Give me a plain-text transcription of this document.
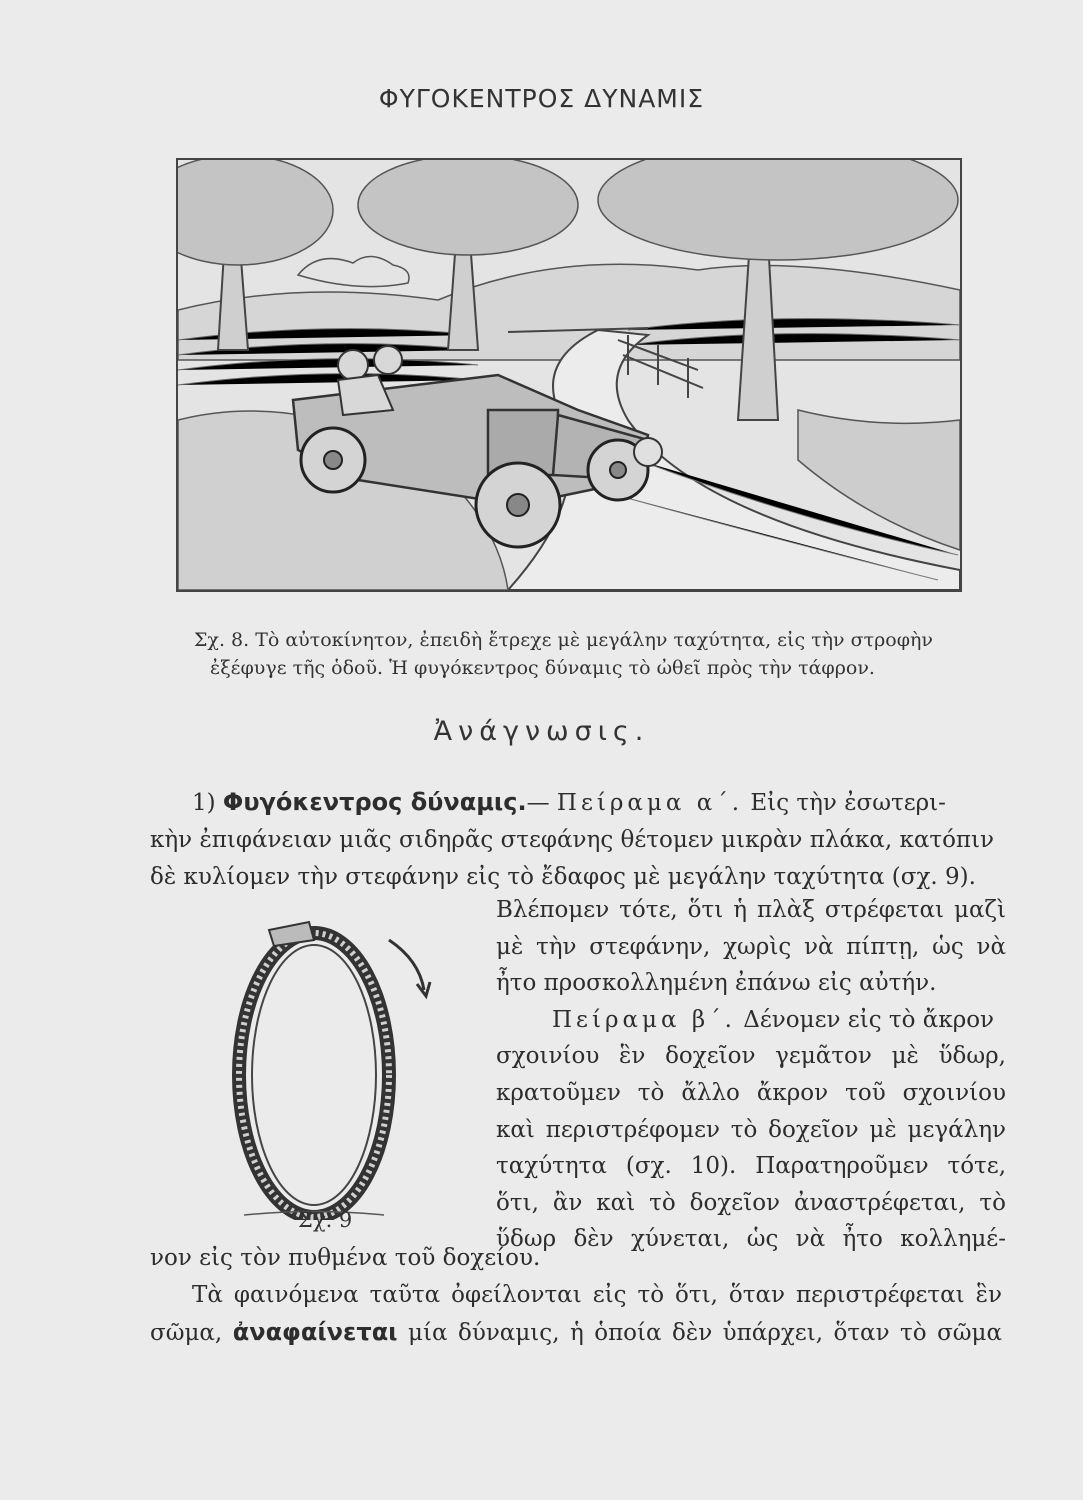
ΦΥΓΟΚΕΝΤΡΟΣ ΔΥΝΑΜΙΣ
Σχ. 8. Τὸ αὐτοκίνητον, ἐπειδὴ ἔτρεχε μὲ μεγάλην ταχύτητα, εἰς τὴν στροφὴν
ἐξέφυγε τῆς ὁδοῦ. Ἡ φυγόκεντρος δύναμις τὸ ὠθεῖ πρὸς τὴν τάφρον.
Ἀνάγνωσις.
1) Φυγόκεντρος δύναμις.— Πείραμα α΄. Εἰς τὴν ἐσωτερι-
κὴν ἐπιφάνειαν μιᾶς σιδηρᾶς στεφάνης θέτομεν μικρὰν πλάκα, κατόπιν
δὲ κυλίομεν τὴν στεφάνην εἰς τὸ ἔδαφος μὲ μεγάλην ταχύτητα (σχ. 9).
Σχ. 9
Βλέπομεν τότε, ὅτι ἡ πλὰξ στρέφεται μαζὶ
μὲ τὴν στεφάνην, χωρὶς νὰ πίπτῃ, ὡς νὰ
ἦτο προσκολλημένη ἐπάνω εἰς αὐτήν.
Πείραμα β΄. Δένομεν εἰς τὸ ἄκρον
σχοινίου ἓν δοχεῖον γεμᾶτον μὲ ὕδωρ,
κρατοῦμεν τὸ ἄλλο ἄκρον τοῦ σχοινίου
καὶ περιστρέφομεν τὸ δοχεῖον μὲ μεγάλην
ταχύτητα (σχ. 10). Παρατηροῦμεν τότε,
ὅτι, ἂν καὶ τὸ δοχεῖον ἀναστρέφεται, τὸ
ὕδωρ δὲν χύνεται, ὡς νὰ ἦτο κολλημέ-
νον εἰς τὸν πυθμένα τοῦ δοχείου.
Τὰ φαινόμενα ταῦτα ὀφείλονται εἰς τὸ ὅτι, ὅταν περιστρέφεται ἓν
σῶμα, ἀναφαίνεται μία δύναμις, ἡ ὁποία δὲν ὑπάρχει, ὅταν τὸ σῶμα
